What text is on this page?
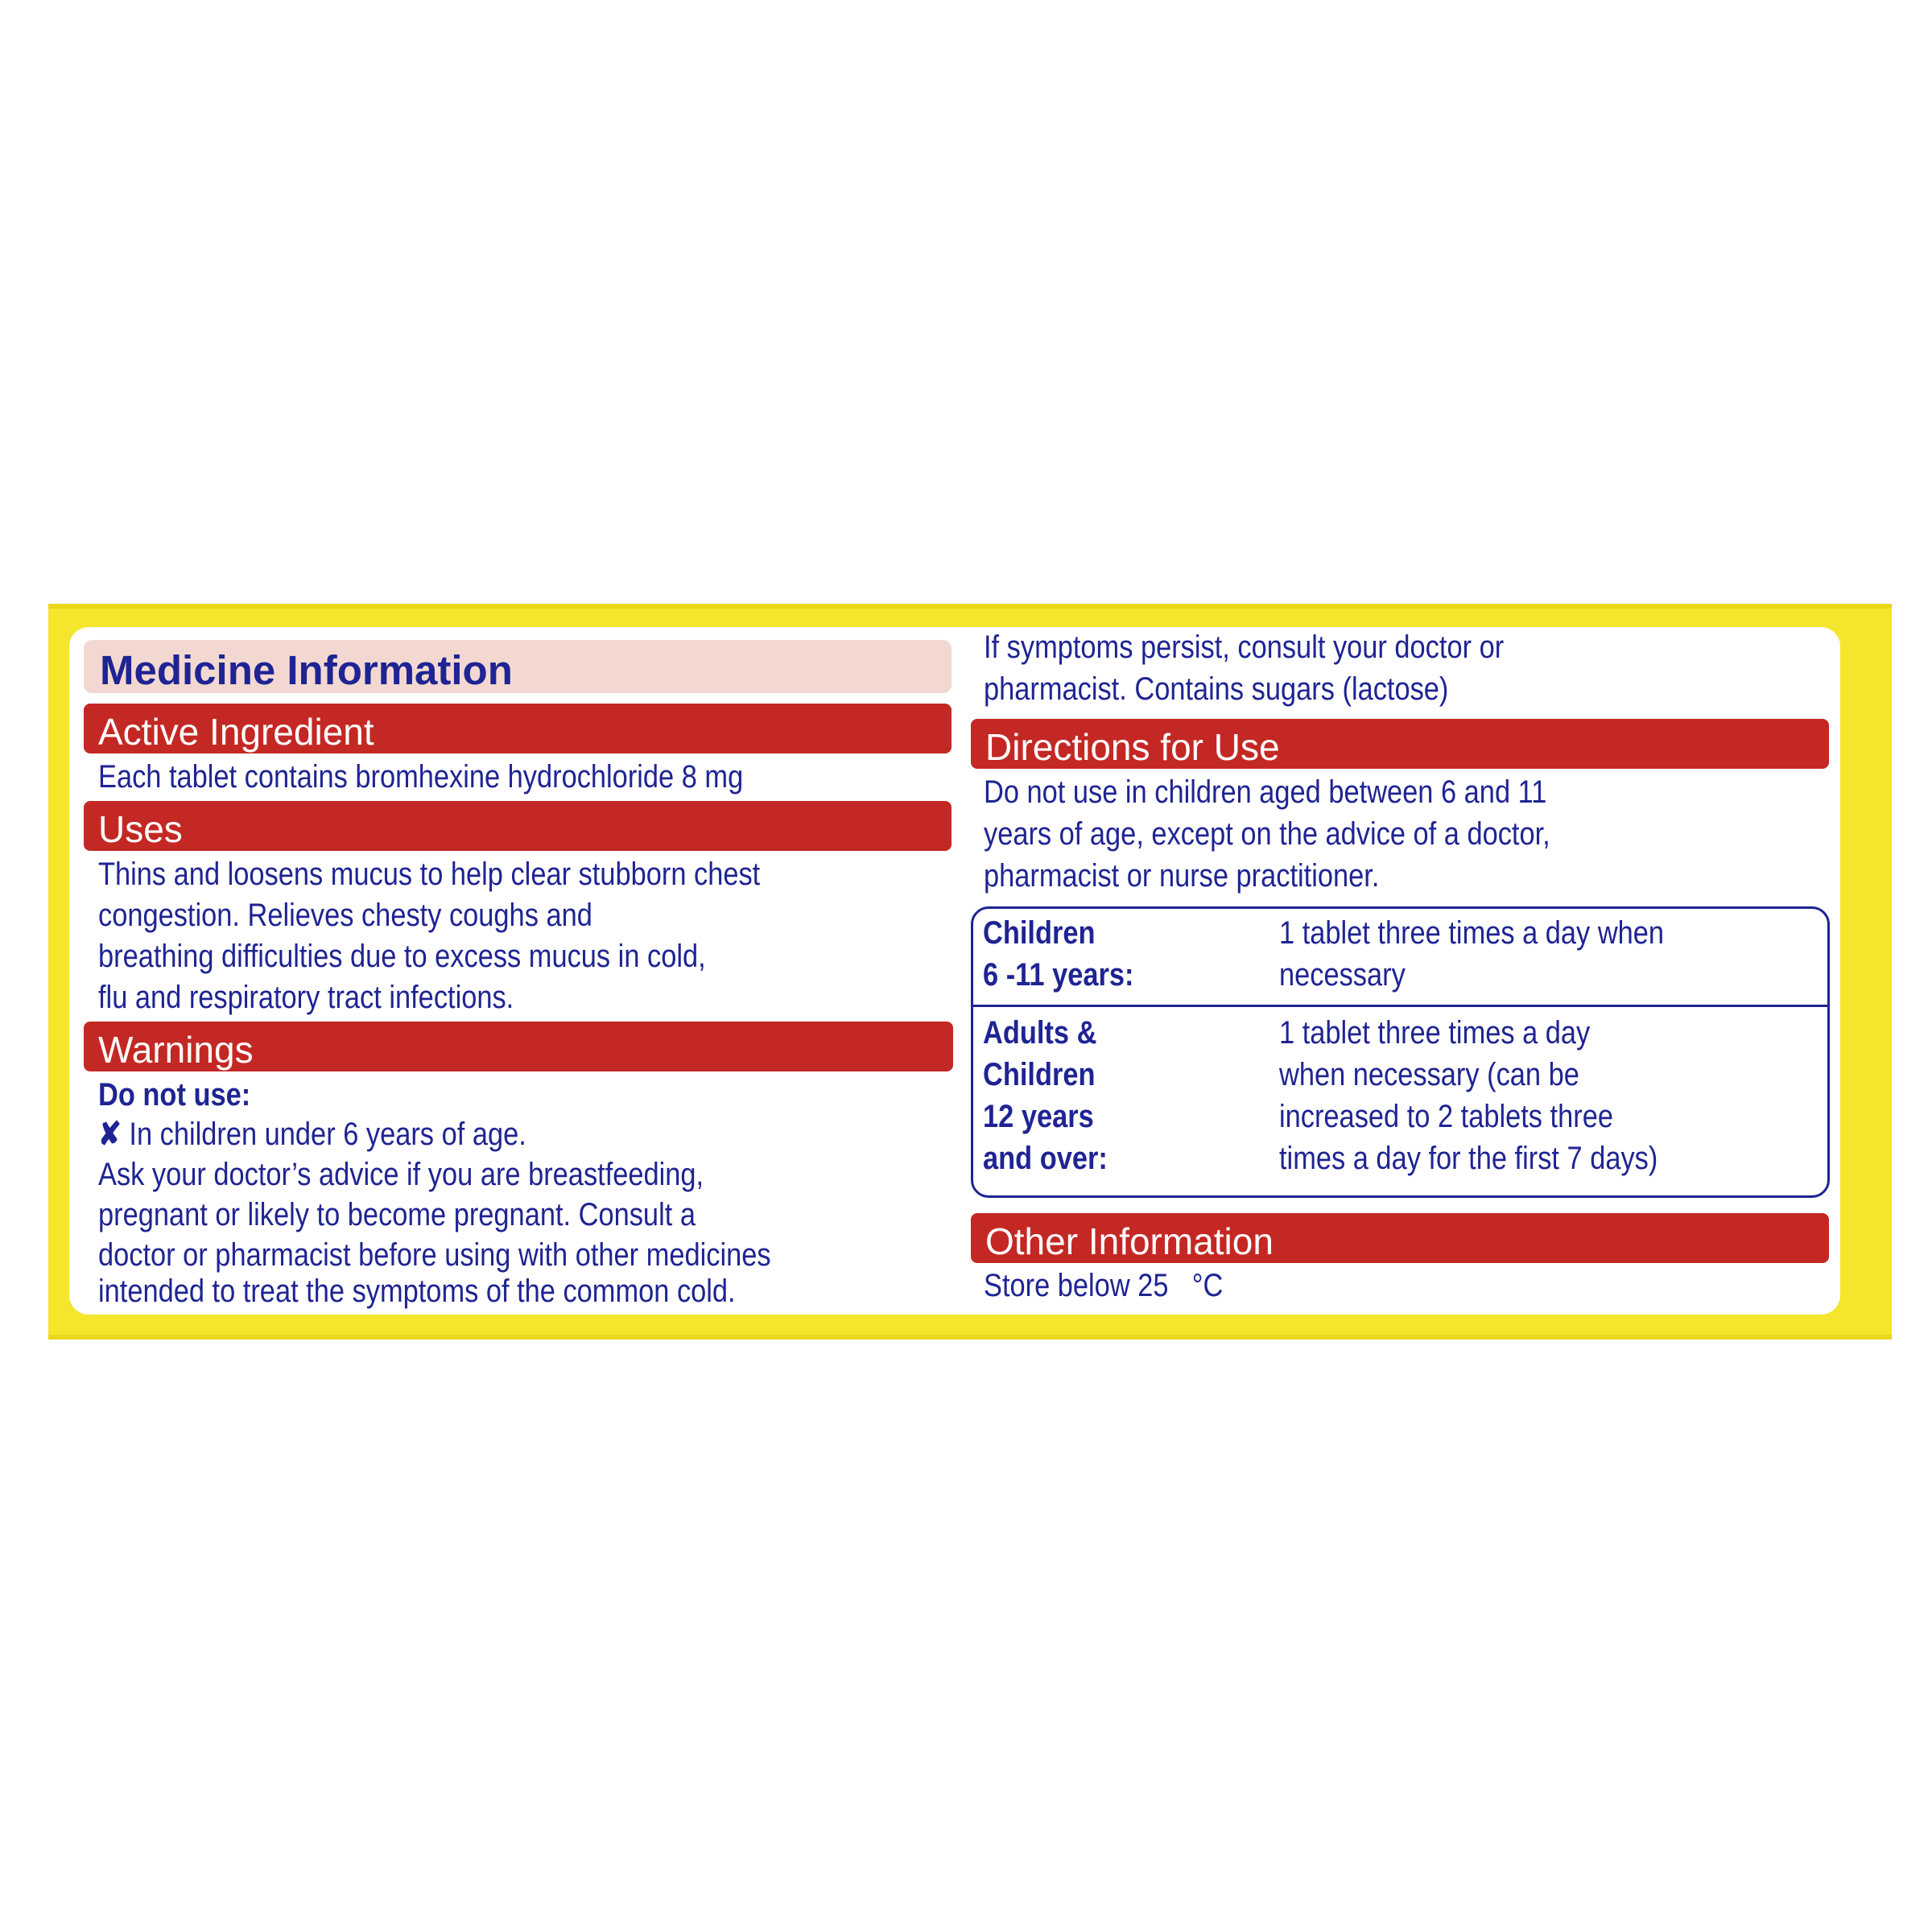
Medicine Information
Active Ingredient
Each tablet contains bromhexine hydrochloride 8 mg
Uses
Thins and loosens mucus to help clear stubborn chest
congestion. Relieves chesty coughs and
breathing difficulties due to excess mucus in cold,
flu and respiratory tract infections.
Warnings
Do not use:
✘ In children under 6 years of age.
Ask your doctor’s advice if you are breastfeeding,
pregnant or likely to become pregnant. Consult a
doctor or pharmacist before using with other medicines
intended to treat the symptoms of the common cold.
If symptoms persist, consult your doctor or
pharmacist. Contains sugars (lactose)
Directions for Use
Do not use in children aged between 6 and 11
years of age, except on the advice of a doctor,
pharmacist or nurse practitioner.
Children
6 -11 years:
1 tablet three times a day when
necessary
Adults &
Children
12 years
and over:
1 tablet three times a day
when necessary (can be
increased to 2 tablets three
times a day for the first 7 days)
Other Information
Store below 25 °C
